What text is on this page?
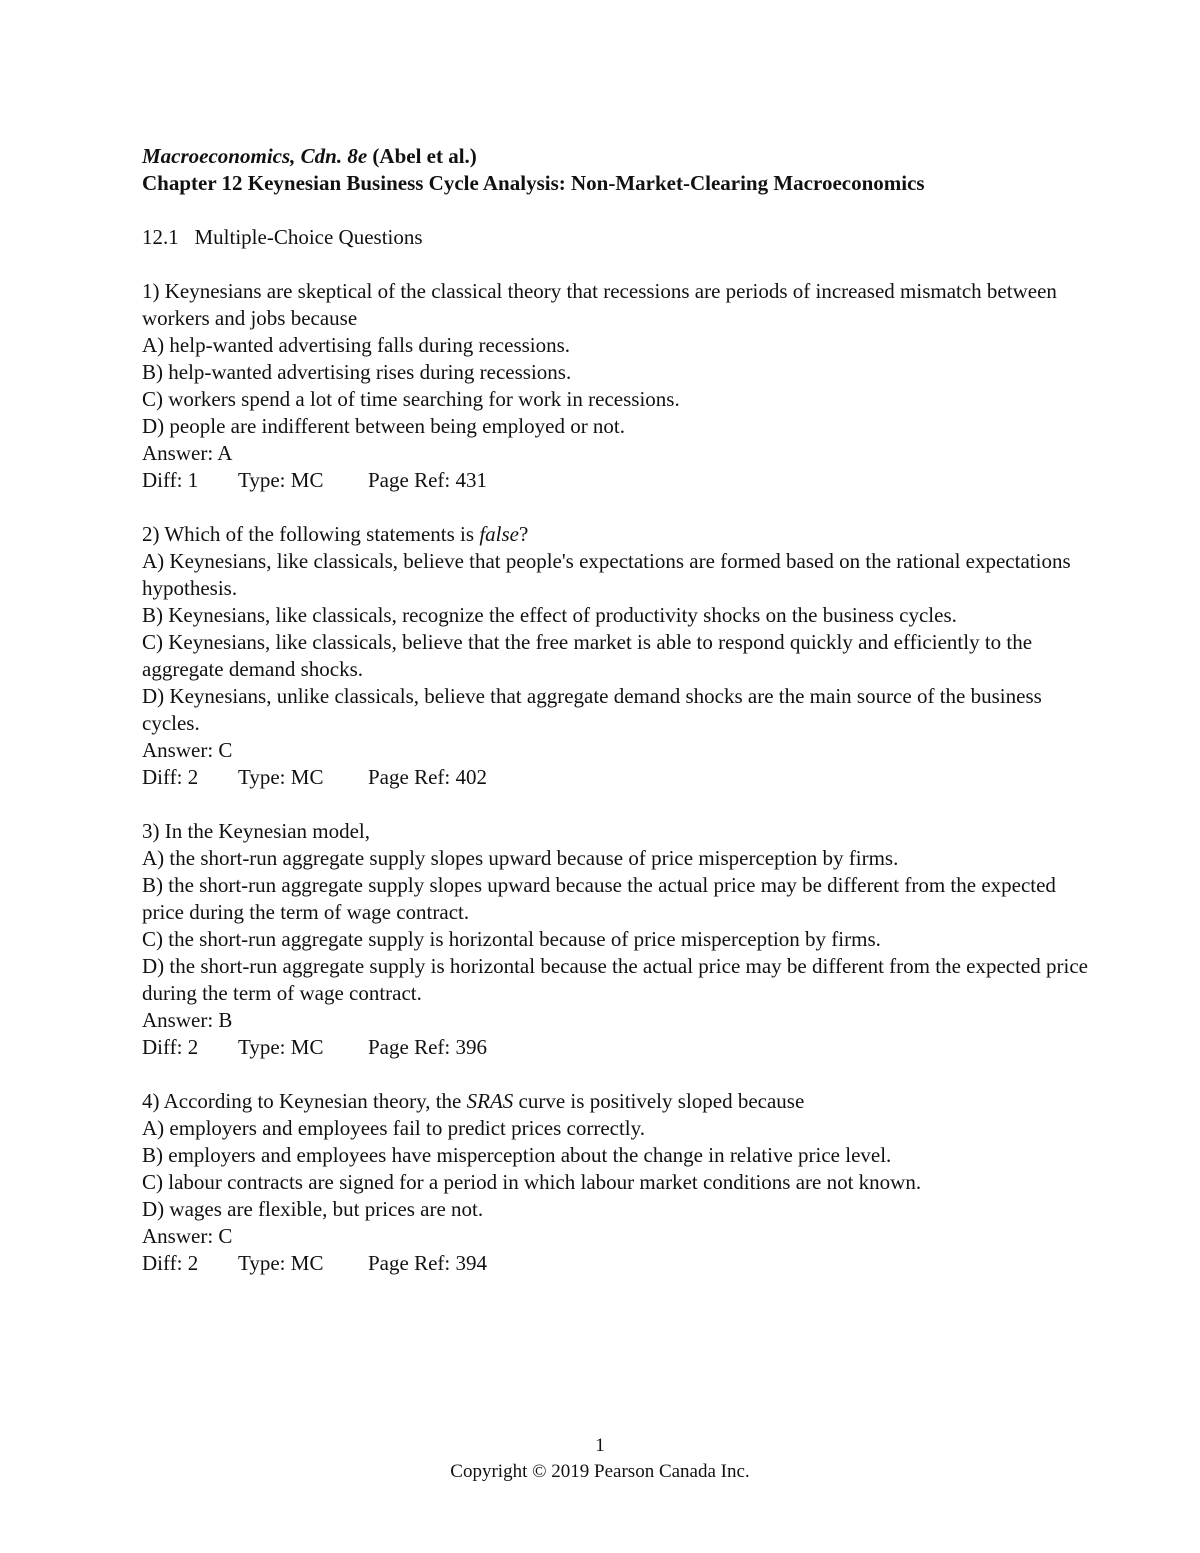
Macroeconomics, Cdn. 8e (Abel et al.)

Chapter 12 Keynesian Business Cycle Analysis: Non-Market-Clearing Macroeconomics

12.1   Multiple-Choice Questions

1) Keynesians are skeptical of the classical theory that recessions are periods of increased mismatch between workers and jobs because

A) help-wanted advertising falls during recessions.

B) help-wanted advertising rises during recessions.

C) workers spend a lot of time searching for work in recessions.

D) people are indifferent between being employed or not.

Answer: A

Diff: 1 Type: MC Page Ref: 431

2) Which of the following statements is false?

A) Keynesians, like classicals, believe that people's expectations are formed based on the rational expectations hypothesis.

B) Keynesians, like classicals, recognize the effect of productivity shocks on the business cycles.

C) Keynesians, like classicals, believe that the free market is able to respond quickly and efficiently to the aggregate demand shocks.

D) Keynesians, unlike classicals, believe that aggregate demand shocks are the main source of the business cycles.

Answer: C

Diff: 2 Type: MC Page Ref: 402

3) In the Keynesian model,

A) the short-run aggregate supply slopes upward because of price misperception by firms.

B) the short-run aggregate supply slopes upward because the actual price may be different from the expected price during the term of wage contract.

C) the short-run aggregate supply is horizontal because of price misperception by firms.

D) the short-run aggregate supply is horizontal because the actual price may be different from the expected price during the term of wage contract.

Answer: B

Diff: 2 Type: MC Page Ref: 396

4) According to Keynesian theory, the SRAS curve is positively sloped because

A) employers and employees fail to predict prices correctly.

B) employers and employees have misperception about the change in relative price level.

C) labour contracts are signed for a period in which labour market conditions are not known.

D) wages are flexible, but prices are not.

Answer: C

Diff: 2 Type: MC Page Ref: 394

1
Copyright © 2019 Pearson Canada Inc.
